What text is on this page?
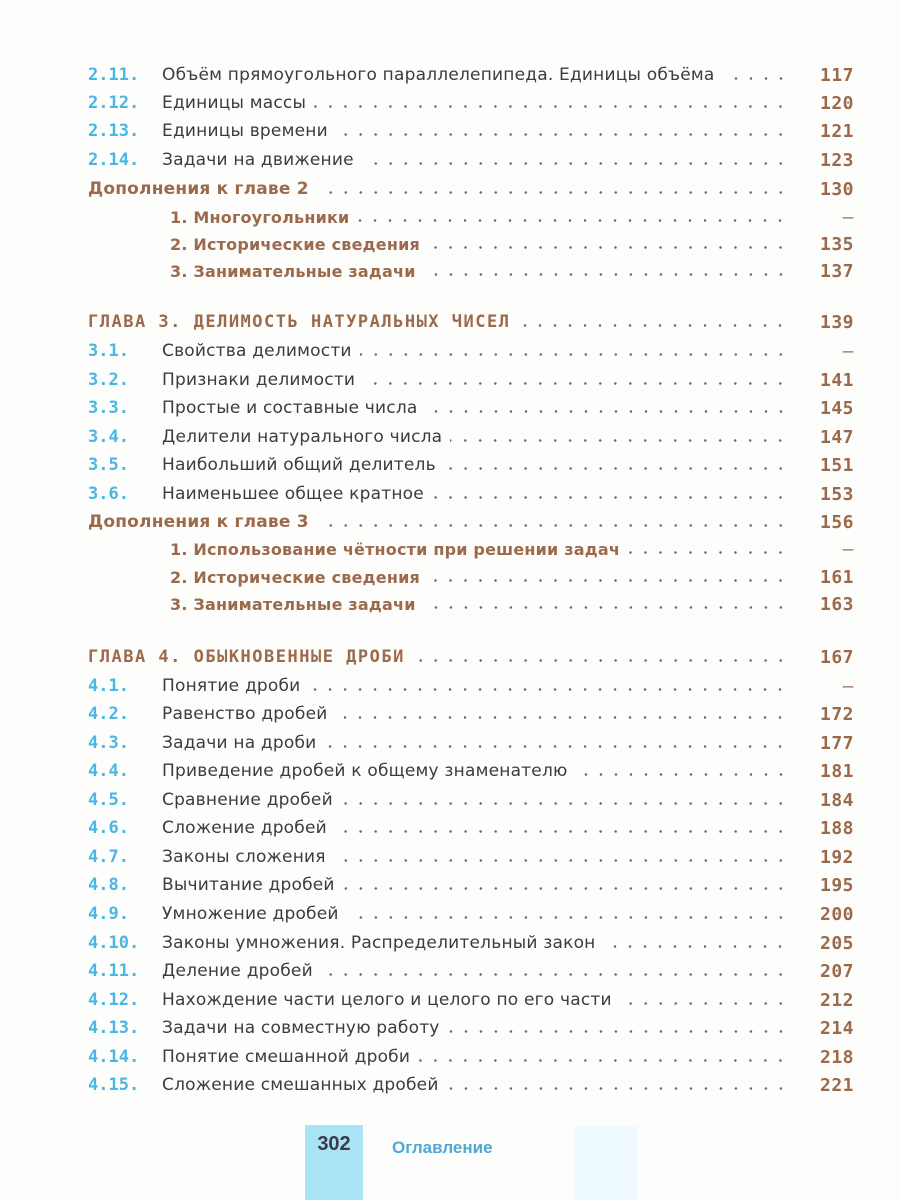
2.11.	Объём прямоугольного параллелепипеда. Единицы объёма	117
2.12.	Единицы массы	120
2.13.	Единицы времени	121
2.14.	Задачи на движение	123
Дополнения к главе 2	130
1. Многоугольники	—
2. Исторические сведения	135
3. Занимательные задачи	137
ГЛАВА 3. ДЕЛИМОСТЬ НАТУРАЛЬНЫХ ЧИСЕЛ	139
3.1.	Свойства делимости	—
3.2.	Признаки делимости	141
3.3.	Простые и составные числа	145
3.4.	Делители натурального числа	147
3.5.	Наибольший общий делитель	151
3.6.	Наименьшее общее кратное	153
Дополнения к главе 3	156
1. Использование чётности при решении задач	—
2. Исторические сведения	161
3. Занимательные задачи	163
ГЛАВА 4. ОБЫКНОВЕННЫЕ ДРОБИ	167
4.1.	Понятие дроби	—
4.2.	Равенство дробей	172
4.3.	Задачи на дроби	177
4.4.	Приведение дробей к общему знаменателю	181
4.5.	Сравнение дробей	184
4.6.	Сложение дробей	188
4.7.	Законы сложения	192
4.8.	Вычитание дробей	195
4.9.	Умножение дробей	200
4.10.	Законы умножения. Распределительный закон	205
4.11.	Деление дробей	207
4.12.	Нахождение части целого и целого по его части	212
4.13.	Задачи на совместную работу	214
4.14.	Понятие смешанной дроби	218
4.15.	Сложение смешанных дробей	221
302	Оглавление
